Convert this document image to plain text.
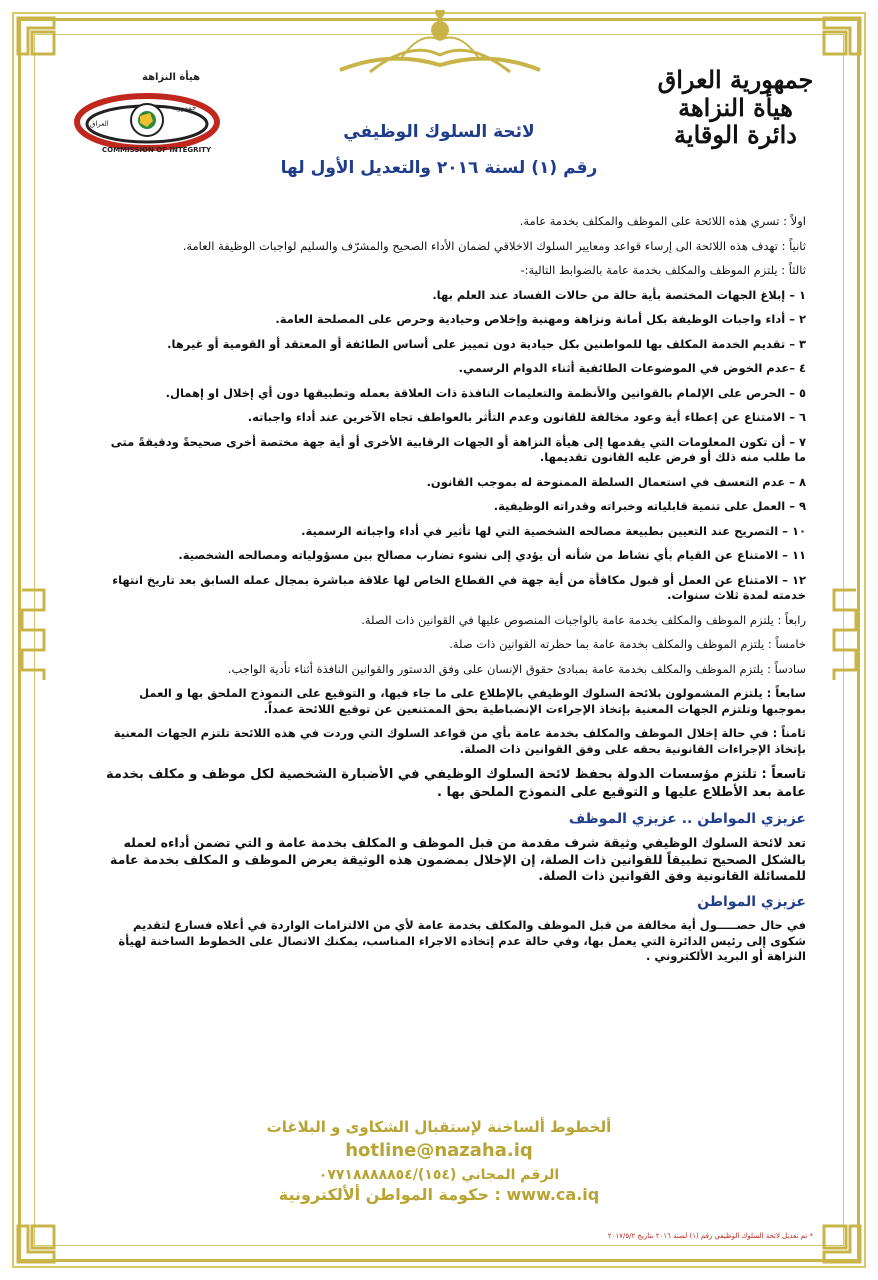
هيأة النزاهة
جمهورية
العراق
COMMISSION OF INTEGRITY
جمهورية العراق
هيأة النزاهة
دائرة الوقاية
لائحة السلوك الوظيفي
رقم (١) لسنة ٢٠١٦ والتعديل الأول لها

اولاً : تسري هذه اللائحة على الموظف والمكلف بخدمة عامة.

ثانياً : تهدف هذه اللائحة الى إرساء قواعد ومعايير السلوك الاخلاقي لضمان الأداء الصحيح والمشرّف والسليم لواجبات الوظيفة العامة.

ثالثاً : يلتزم الموظف والمكلف بخدمة عامة بالضوابط التالية:-

١ – إبلاغ الجهات المختصة بأية حالة من حالات الفساد عند العلم بها.
٢ – أداء واجبات الوظيفة بكل أمانة ونزاهة ومهنية وإخلاص وحيادية وحرص على المصلحة العامة.
٣ – تقديم الخدمة المكلف بها للمواطنين بكل حيادية دون تمييز على أساس الطائفة أو المعتقد أو القومية أو غيرها.
٤ –عدم الخوض في الموضوعات الطائفية أثناء الدوام الرسمي.
٥ – الحرص على الإلمام بالقوانين والأنظمة والتعليمات النافذة ذات العلاقة بعمله وتطبيقها دون أي إخلال او إهمال.
٦ – الامتناع عن إعطاء أية وعود مخالفة للقانون وعدم التأثر بالعواطف تجاه الآخرين عند أداء واجباته.
٧ – أن تكون المعلومات التي يقدمها إلى هيأة النزاهة أو الجهات الرقابية الأخرى أو أية جهة مختصة أخرى صحيحةً ودقيقةً متى ما طلب منه ذلك أو فرض عليه القانون تقديمها.
٨ – عدم التعسف في استعمال السلطة الممنوحة له بموجب القانون.
٩ – العمل على تنمية قابلياته وخبراته وقدراته الوظيفية.
١٠ – التصريح عند التعيين بطبيعة مصالحه الشخصية التي لها تأثير في أداء واجباته الرسمية.
١١ – الامتناع عن القيام بأي نشاط من شأنه أن يؤدي إلى نشوء تضارب مصالح بين مسؤولياته ومصالحه الشخصية.
١٢ – الامتناع عن العمل أو قبول مكافأة من أية جهة في القطاع الخاص لها علاقة مباشرة بمجال عمله السابق بعد تاريخ انتهاء خدمته لمدة ثلاث سنوات.

رابعاً : يلتزم الموظف والمكلف بخدمة عامة بالواجبات المنصوص عليها في القوانين ذات الصلة.

خامساً : يلتزم الموظف والمكلف بخدمة عامة بما حظرته القوانين ذات صلة.

سادساً : يلتزم الموظف والمكلف بخدمة عامة بمبادئ حقوق الإنسان على وفق الدستور والقوانين النافذة أثناء تأدية الواجب.

سابعاً : يلتزم المشمولون بلائحة السلوك الوظيفي بالإطلاع على ما جاء فيها، و التوقيع على النموذج الملحق بها و العمل بموجبها وتلتزم الجهات المعنية بإتخاذ الإجراءت الإنضباطية بحق الممتنعين عن توقيع اللائحة عمداً.

ثامناً : في حالة إخلال الموظف والمكلف بخدمة عامة بأي من قواعد السلوك التي وردت في هذه اللائحة تلتزم الجهات المعنية بإتخاذ الإجراءات القانونية بحقه على وفق القوانين ذات الصلة.

تاسعاً : تلتزم مؤسسات الدولة بحفظ لائحة السلوك الوظيفي في الأضبارة الشخصية لكل موظف و مكلف بخدمة عامة بعد الأطلاع عليها و التوقيع على النموذج الملحق بها .

عزيزي المواطن .. عزيزي الموظف

تعد لائحة السلوك الوظيفي وثيقة شرف مقدمة من قبل الموظف و المكلف بخدمة عامة و التي تضمن أداءه لعمله بالشكل الصحيح تطبيقاً للقوانين ذات الصلة، إن الإخلال بمضمون هذه الوثيقة يعرض الموظف و المكلف بخدمة عامة للمسائلة القانونية وفق القوانين ذات الصلة.

عزيزي المواطن

في حال حصـــــول أية مخالفة من قبل الموظف والمكلف بخدمة عامة لأي من الالتزامات الواردة في أعلاه فسارع لتقديم شكوى إلى رئيس الدائرة التي يعمل بها، وفي حالة عدم إتخاذه الاجراء المناسب، يمكنك الاتصال على الخطوط الساخنة لهيأة النزاهة أو البريد الألكتروني .

ألخطوط ألساخنة لإستقبال الشكاوى و البلاغات
hotline@nazaha.iq
الرقم المجاني (١٥٤)/٠٧٧١٨٨٨٨٨٥٤
حكومة المواطن ألألكترونية : www.ca.iq
* تم تعديل لائحة السلوك الوظيفي رقم (١) لسنة ٢٠١٦ بتاريخ ٢٠١٧/٥/٢
